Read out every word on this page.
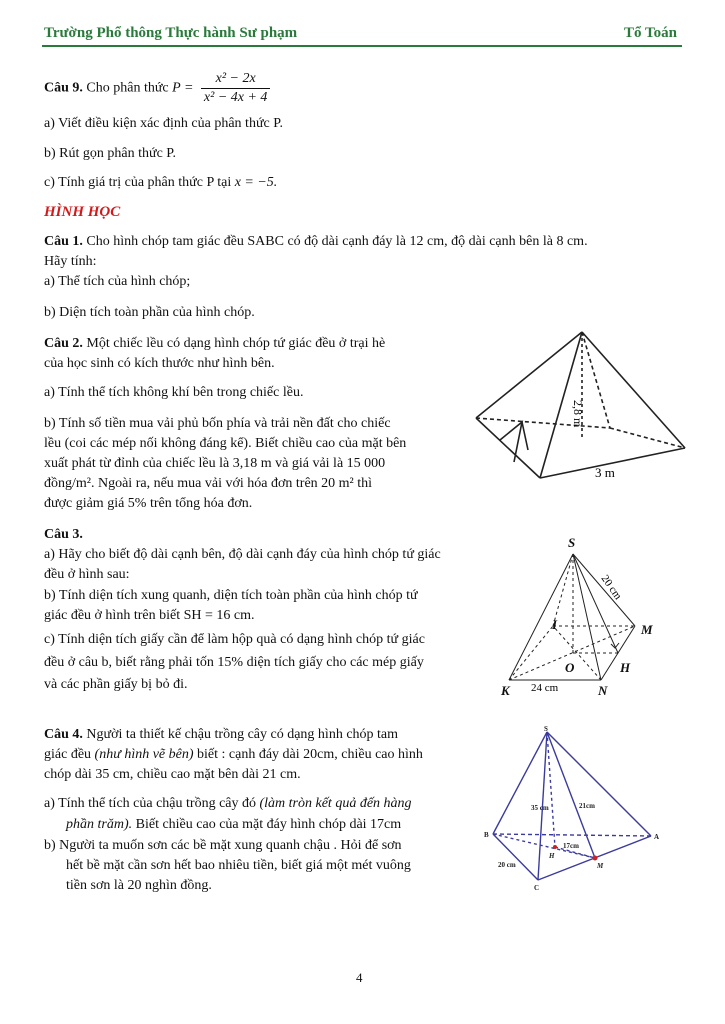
Trường Phổ thông Thực hành Sư phạm	Tổ Toán
Câu 9. Cho phân thức $P = \frac{\text{x² − 2x}}{\text{x² − 4x + 4}}$
a) Viết điều kiện xác định của phân thức P.
b) Rút gọn phân thức P.
c) Tính giá trị của phân thức P tại x = −5.
HÌNH HỌC
Câu 1. Cho hình chóp tam giác đều SABC có độ dài cạnh đáy là 12 cm, độ dài cạnh bên là 8 cm.
Hãy tính:
a) Thể tích của hình chóp;
b) Diện tích toàn phần của hình chóp.
Câu 2. Một chiếc lều có dạng hình chóp tứ giác đều ở trại hè
của học sinh có kích thước như hình bên.
a) Tính thể tích không khí bên trong chiếc lều.
b) Tính số tiền mua vải phủ bốn phía và trải nền đất cho chiếc
lều (coi các mép nối không đáng kể). Biết chiều cao của mặt bên
xuất phát từ đỉnh của chiếc lều là 3,18 m và giá vải là 15 000
đồng/m². Ngoài ra, nếu mua vải với hóa đơn trên 20 m² thì
được giảm giá 5% trên tổng hóa đơn.
2,8 m
3 m
Câu 3.
a) Hãy cho biết độ dài cạnh bên, độ dài cạnh đáy của hình chóp tứ giác
đều ở hình sau:
b) Tính diện tích xung quanh, diện tích toàn phần của hình chóp tứ
giác đều ở hình trên biết SH = 16 cm.
c) Tính diện tích giấy cần để làm hộp quà có dạng hình chóp tứ giác
đều ở câu b, biết rằng phải tốn 15% diện tích giấy cho các mép giấy
và các phần giấy bị bỏ đi.
S
I	M
O	H
K	N
20 cm
24 cm
Câu 4. Người ta thiết kế chậu trồng cây có dạng hình chóp tam
giác đều (như hình vẽ bên) biết : cạnh đáy dài 20cm, chiều cao hình
chóp dài 35 cm, chiều cao mặt bên dài 21 cm.
a) Tính thể tích của chậu trồng cây đó (làm tròn kết quả đến hàng
phần trăm). Biết chiều cao của mặt đáy hình chóp dài 17cm
b) Người ta muốn sơn các bề mặt xung quanh chậu . Hỏi để sơn
hết bề mặt cần sơn hết bao nhiêu tiền, biết giá một mét vuông
tiền sơn là 20 nghìn đồng.
S
B	A
C
H
M
35 cm	21cm
17cm
20 cm
4
